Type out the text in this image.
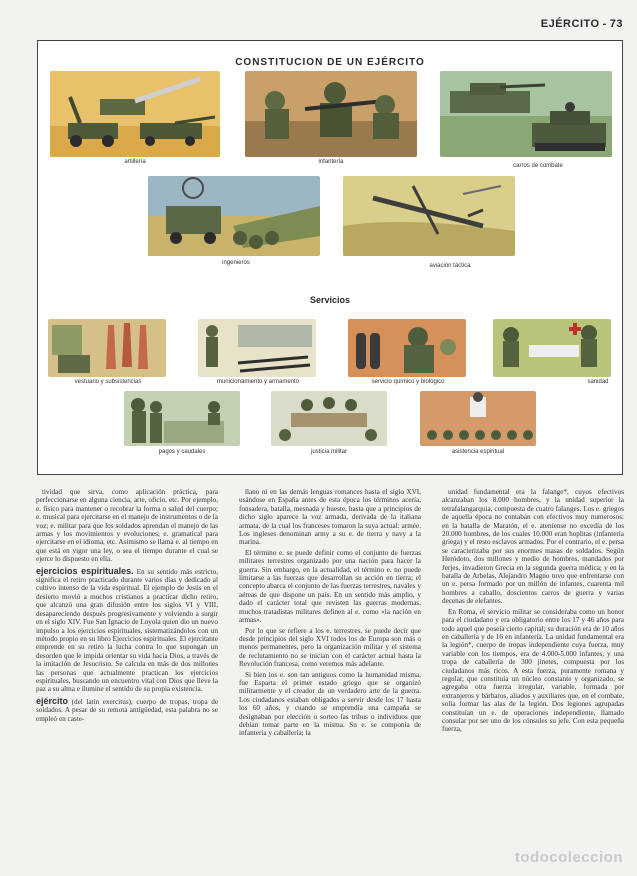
EJÉRCITO - 73
CONSTITUCION DE UN EJÉRCITO
artillería	infantería
carros de combate
ingenieros	aviación táctica
Servicios
vestuario y subsistencias	municionamiento y armamento	servicio químico y biológico	sanidad
pagos y caudales	justicia militar	asistencia espiritual

tividad que sirva, como aplicación práctica, para perfeccionarse en alguna ciencia, arte, oficio, etc. Por ejemplo, e. físico para mantener o recobrar la forma o salud del cuerpo; e. musical para ejercitarse en el manejo de instrumentos o de la voz; e. militar para que los soldados aprendan el manejo de las armas y los movimientos y evoluciones; e. gramatical para ejercitarse en el idioma, etc. Asimismo se llama e. al tiempo en que está en vigor una ley, o sea el tiempo durante el cual se ejerce lo dispuesto en ella.

ejercicios espirituales. En su sentido más estricto, significa el retiro practicado durante varios días y dedicado al cultivo intenso de la vida espiritual. El ejemplo de Jesús en el desierto movió a muchos cristianos a practicar dicho retiro, que alcanzó una gran difusión entre los siglos VI y VIII, desapareciendo después progresivamente y volviendo a surgir en el siglo XIV. Fue San Ignacio de Loyola quien dio un nuevo impulso a los ejercicios espirituales, sistematizándolos con un método propio en su libro Ejercicios espirituales. El ejercitante emprende en su retiro la lucha contra lo que supongan un desorden que le impida orientar su vida hacia Dios, a través de la imitación de Jesucristo. Se calcula en más de dos millones las personas que actualmente practican los ejercicios espirituales, buscando un encuentro vital con Dios que lleve la paz a su alma e ilumine el sentido de su propia existencia.

ejército (del latín exercitus), cuerpo de tropas, tropa de soldados. A pesar de su remota antigüedad, esta palabra no se empleó en caste-

llano ni en las demás lenguas romances hasta el siglo XVI, usándose en España antes de esta época los términos acería, fonsadera, batalla, mesnada y hueste, hasta que a principios de dicho siglo aparece la voz armada, derivada de la italiana armata, de la cual los franceses tomaron la suya actual: armée. Los ingleses denominan army a su e. de tierra y navy a la marina.

El término e. se puede definir como el conjunto de fuerzas militares terrestres organizado por una nación para hacer la guerra. Sin embargo, en la actualidad, el término e. no puede limitarse a las fuerzas que desarrollan su acción en tierra; el concepto abarca el conjunto de las fuerzas terrestres, navales y aéreas de que dispone un país. En un sentido más amplio, y dado el carácter total que revisten las guerras modernas, muchos tratadistas militares definen al e. como «la nación en armas».

Por lo que se refiere a los e. terrestres, se puede decir que desde principios del siglo XVI todos los de Europa son más o menos permanentes, pero la organización militar y el sistema de reclutamiento no se inician con el carácter actual hasta la Revolución francesa, como veremos más adelante.

Si bien los e. son tan antiguos como la humanidad misma, fue Esparta el primer estado griego que se organizó militarmente y el creador de un verdadero arte de la guerra. Los ciudadanos estaban obligados a servir desde los 17 hasta los 60 años, y cuando se emprendía una campaña se designaban por elección o sorteo las tribus o individuos que debían tomar parte en la misma. Su e. se componía de infantería y caballería; la

unidad fundamental era la falange*, cuyos efectivos alcanzaban los 8.000 hombres, y la unidad superior la tetrafalangarquia, compuesta de cuatro falanges. Los e. griegos de aquella época no contaban con efectivos muy numerosos: en la batalla de Maratón, el e. ateniense no excedía de los 20.000 hombres, de los cuales 10.000 eran hoplitas (infantería griega) y el resto esclavos armados. Por el contrario, el e. persa se caracterizaba por sus enormes masas de soldados. Según Heródoto, dos millones y medio de hombres, mandados por Jerjes, invadieron Grecia en la segunda guerra médica; y en la batalla de Arbelas, Alejandro Magno tuvo que enfrentarse con un e. persa formado por un millón de infantes, cuarenta mil hombres a caballo, doscientos carros de guerra y varias decenas de elefantes.

En Roma, el servicio militar se consideraba como un honor para el ciudadano y era obligatorio entre los 17 y 46 años para todo aquel que poseía cierto capital; su duración era de 10 años en caballería y de 16 en infantería. La unidad fundamental era la legión*, cuerpo de tropas independiente cuya fuerza, muy variable con los tiempos, era de 4.000-5.000 infantes, y una tropa de caballería de 300 jinetes, compuesta por los ciudadanos más ricos. A esta fuerza, puramente romana y regular, que constituía un núcleo constante y organizado, se agregaba otra fuerza irregular, variable, formada por extranjeros y bárbaros, aliados y auxiliares que, en el combate, solía formar las alas de la legión. Dos legiones agrupadas constituían un e. de operaciones independiente, llamado consular por ser uno de los cónsules su jefe. Con esta pequeña fuerza,

todocoleccion
